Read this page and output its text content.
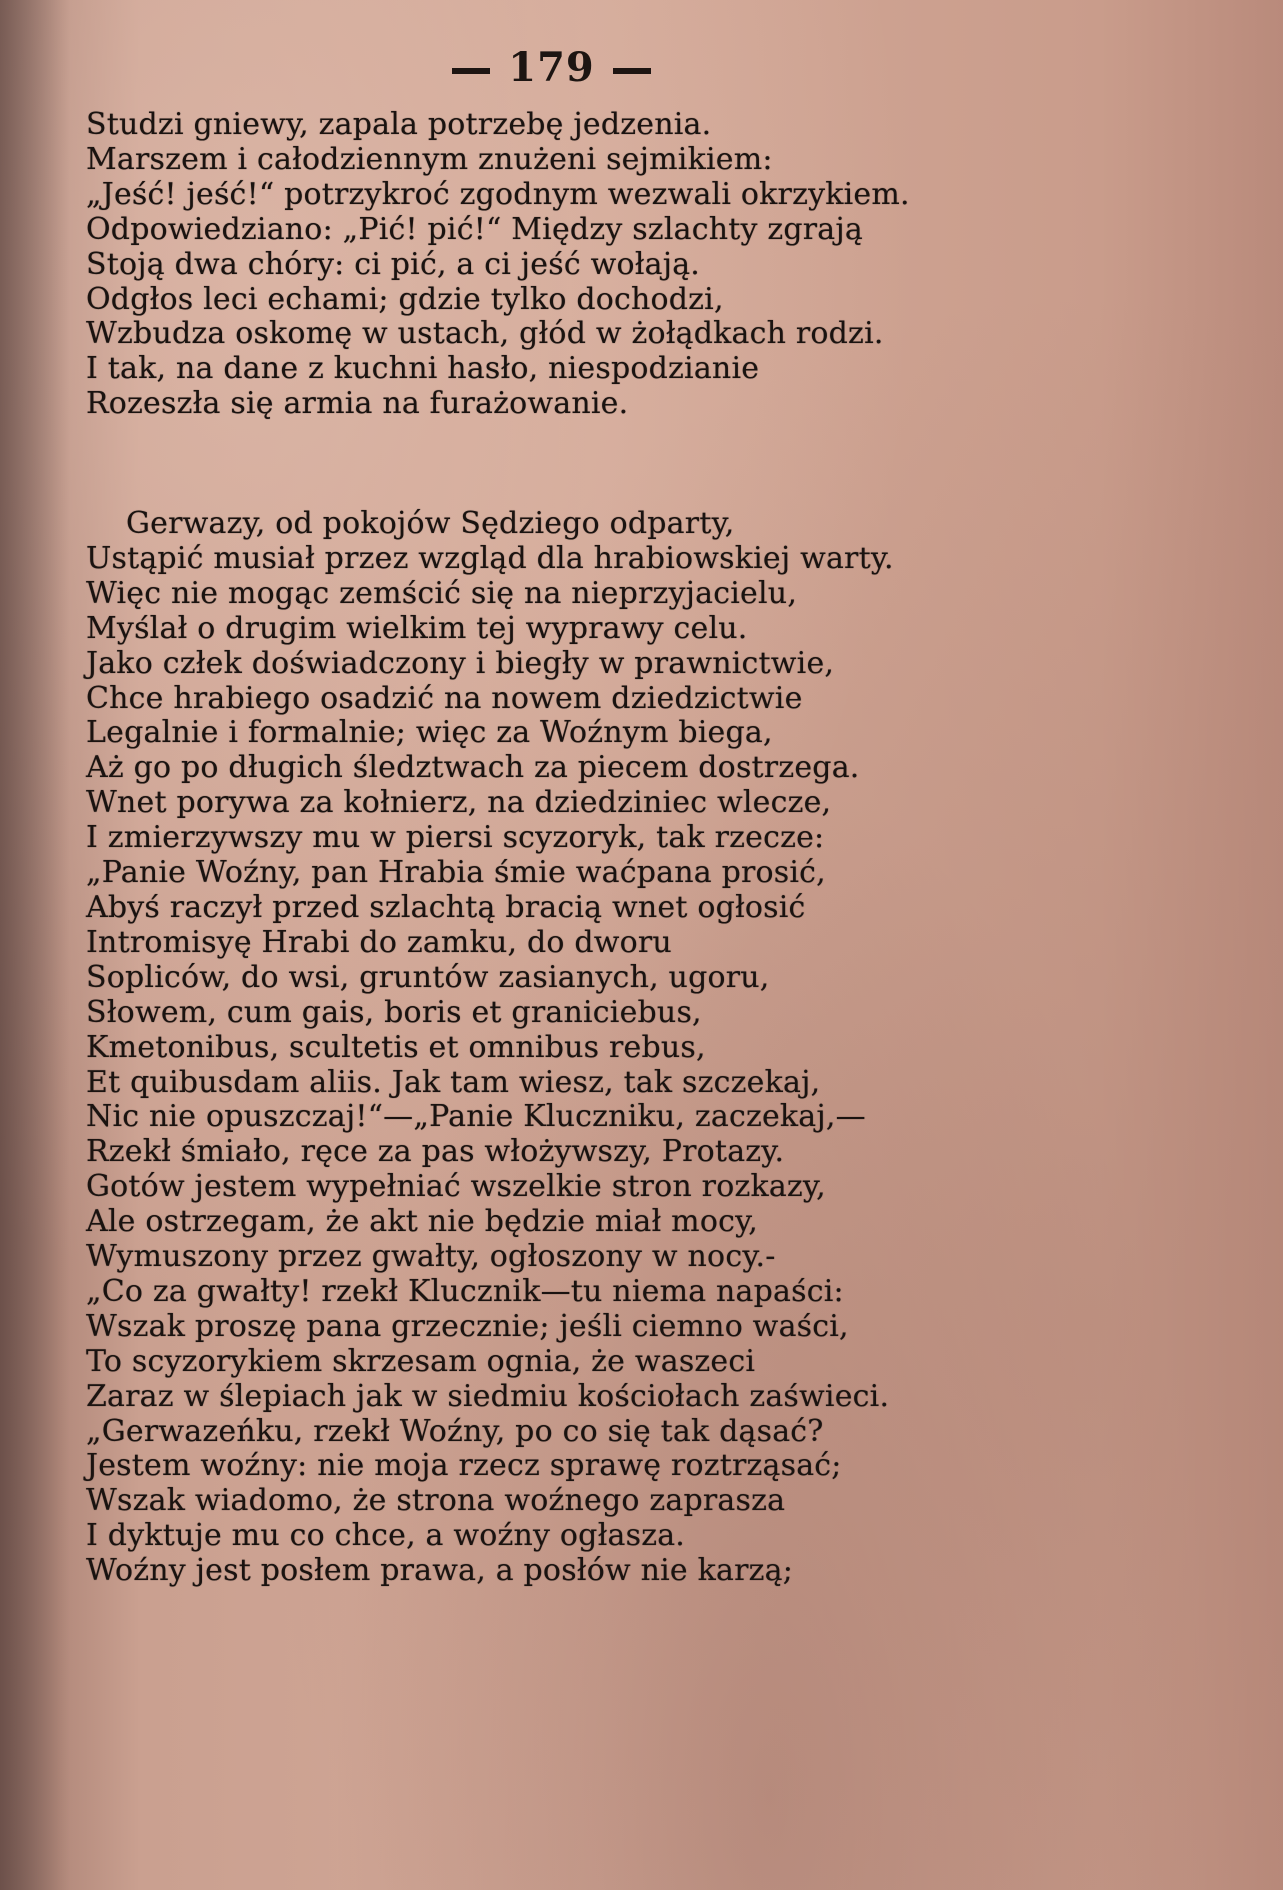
179
Studzi gniewy, zapala potrzebę jedzenia.
Marszem i całodziennym znużeni sejmikiem:
„Jeść! jeść!“ potrzykroć zgodnym wezwali okrzykiem.
Odpowiedziano: „Pić! pić!“ Między szlachty zgrają
Stoją dwa chóry: ci pić, a ci jeść wołają.
Odgłos leci echami; gdzie tylko dochodzi,
Wzbudza oskomę w ustach, głód w żołądkach rodzi.
I tak, na dane z kuchni hasło, niespodzianie
Rozeszła się armia na furażowanie.
Gerwazy, od pokojów Sędziego odparty,
Ustąpić musiał przez wzgląd dla hrabiowskiej warty.
Więc nie mogąc zemścić się na nieprzyjacielu,
Myślał o drugim wielkim tej wyprawy celu.
Jako człek doświadczony i biegły w prawnictwie,
Chce hrabiego osadzić na nowem dziedzictwie
Legalnie i formalnie; więc za Woźnym biega,
Aż go po długich śledztwach za piecem dostrzega.
Wnet porywa za kołnierz, na dziedziniec wlecze,
I zmierzywszy mu w piersi scyzoryk, tak rzecze:
„Panie Woźny, pan Hrabia śmie waćpana prosić,
Abyś raczył przed szlachtą bracią wnet ogłosić
Intromisyę Hrabi do zamku, do dworu
Sopliców, do wsi, gruntów zasianych, ugoru,
Słowem, cum gais, boris et graniciebus,
Kmetonibus, scultetis et omnibus rebus,
Et quibusdam aliis. Jak tam wiesz, tak szczekaj,
Nic nie opuszczaj!“—„Panie Kluczniku, zaczekaj,—
Rzekł śmiało, ręce za pas włożywszy, Protazy.
Gotów jestem wypełniać wszelkie stron rozkazy,
Ale ostrzegam, że akt nie będzie miał mocy,
Wymuszony przez gwałty, ogłoszony w nocy.-
„Co za gwałty! rzekł Klucznik—tu niema napaści:
Wszak proszę pana grzecznie; jeśli ciemno waści,
To scyzorykiem skrzesam ognia, że waszeci
Zaraz w ślepiach jak w siedmiu kościołach zaświeci.
„Gerwazeńku, rzekł Woźny, po co się tak dąsać?
Jestem woźny: nie moja rzecz sprawę roztrząsać;
Wszak wiadomo, że strona woźnego zaprasza
I dyktuje mu co chce, a woźny ogłasza.
Woźny jest posłem prawa, a posłów nie karzą;
